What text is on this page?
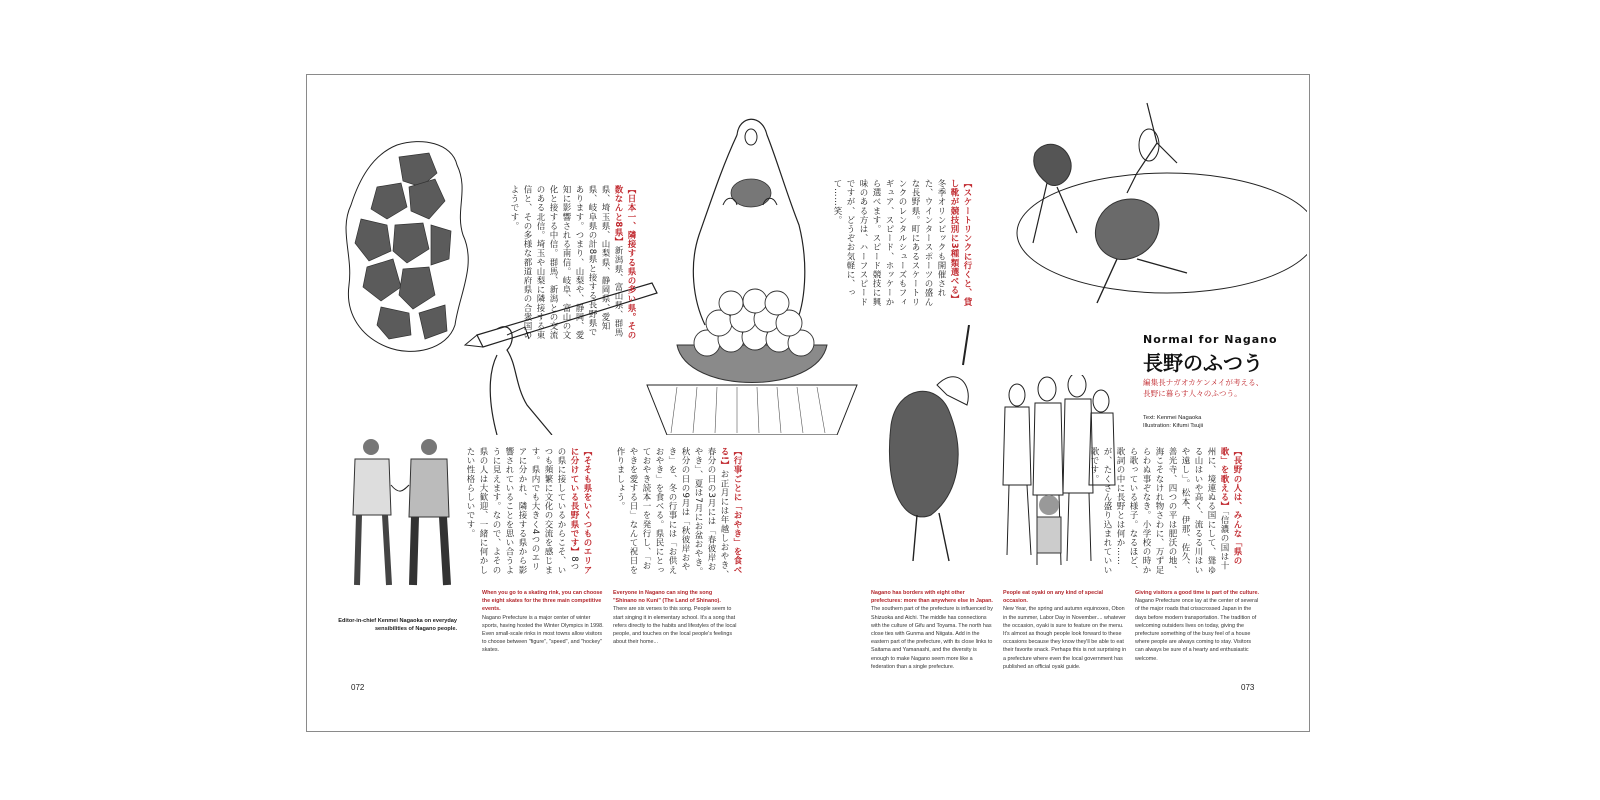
【日本一、隣接する県の多い県。その数なんと8県】新潟県、富山県、群馬県、埼玉県、山梨県、静岡県、愛知県、岐阜県の計8県と接する長野県であります。つまり、山梨や、静岡、愛知に影響される南信。岐阜、富山の文化と接する中信。群馬、新潟との交流のある北信。埼玉や山梨に隣接する東信と、その多様な都道府県の合衆国のようです。	【スケートリンクに行くと、貸し靴が競技別に3種類選べる】冬季オリンピックも開催された、ウインタースポーツの盛んな長野県。町にあるスケートリンクのレンタルシューズもフィギュア、スピード、ホッケーから選べます。スピード競技に興味のある方は、ハーフスピードですが、どうぞお気軽に、って……笑。
【行事ごとに「おやき」を食べる!】お正月には年越しおやき、春分の日の3月には「春彼岸おやき」、夏は7月にお盆おやき。秋分の日の9月は「秋彼岸おやき」を、冬の行事には「お供えおやき」を食べる。県民にとっておやき読本一を発行し、「おやきを愛する日」なんて祝日を作りましょう。
【そそも県をいくつものエリアに分けている長野県です】8つの県に接しているからこそ、いつも頻繁に文化の交流を感じます。県内でも大きく4つのエリアに分かれ、隣接する県から影響されていることを思い合うように見えます。なので、よその県の人は大歓迎、一緒に何かしたい性格らしいです。	【長野の人は、みんな「県の歌」を歌える】「信濃の国は十州に、境連ぬる国にして、聳ゆる山はいや高く、流るる川はいや遠し」。松本、伊那、佐久、善光寺、四つの平は肥沃の地、海こそなけれ物さわに、万ず足らわぬ事ぞなき。小学校の時から歌っている様子。なるほど、歌詞の中に長野とは何か……が、たくさん盛り込まれていい歌です。
Normal for Nagano
長野のふつう
編集長ナガオカケンメイが考える、
長野に暮らす人々のふつう。
Text: Kenmei Nagaoka
Illustration: Kifumi Tsujii
Editor-in-chief Kenmei Nagaoka on everyday sensibilities of Nagano people.
When you go to a skating rink, you can choose the eight skates for the three main competitive events.
Nagano Prefecture is a major center of winter sports, having hosted the Winter Olympics in 1998. Even small-scale rinks in most towns allow visitors to choose between "figure", "speed", and "hockey" skates.
Everyone in Nagano can sing the song "Shinano no Kuni" (The Land of Shinano).
There are six verses to this song. People seem to start singing it in elementary school. It's a song that refers directly to the habits and lifestyles of the local people, and touches on the local people's feelings about their home...
Nagano has borders with eight other prefectures: more than anywhere else in Japan.
The southern part of the prefecture is influenced by Shizuoka and Aichi. The middle has connections with the culture of Gifu and Toyama. The north has close ties with Gunma and Niigata. Add in the eastern part of the prefecture, with its close links to Saitama and Yamanashi, and the diversity is enough to make Nagano seem more like a federation than a single prefecture.
People eat oyaki on any kind of special occasion.
New Year, the spring and autumn equinoxes, Obon in the summer, Labor Day in November.... whatever the occasion, oyaki is sure to feature on the menu. It's almost as though people look forward to these occasions because they know they'll be able to eat their favorite snack. Perhaps this is not surprising in a prefecture where even the local government has published an official oyaki guide.
Giving visitors a good time is part of the culture.
Nagano Prefecture once lay at the center of several of the major roads that crisscrossed Japan in the days before modern transportation. The tradition of welcoming outsiders lives on today, giving the prefecture something of the busy feel of a house where people are always coming to stay. Visitors can always be sure of a hearty and enthusiastic welcome.
072	073
